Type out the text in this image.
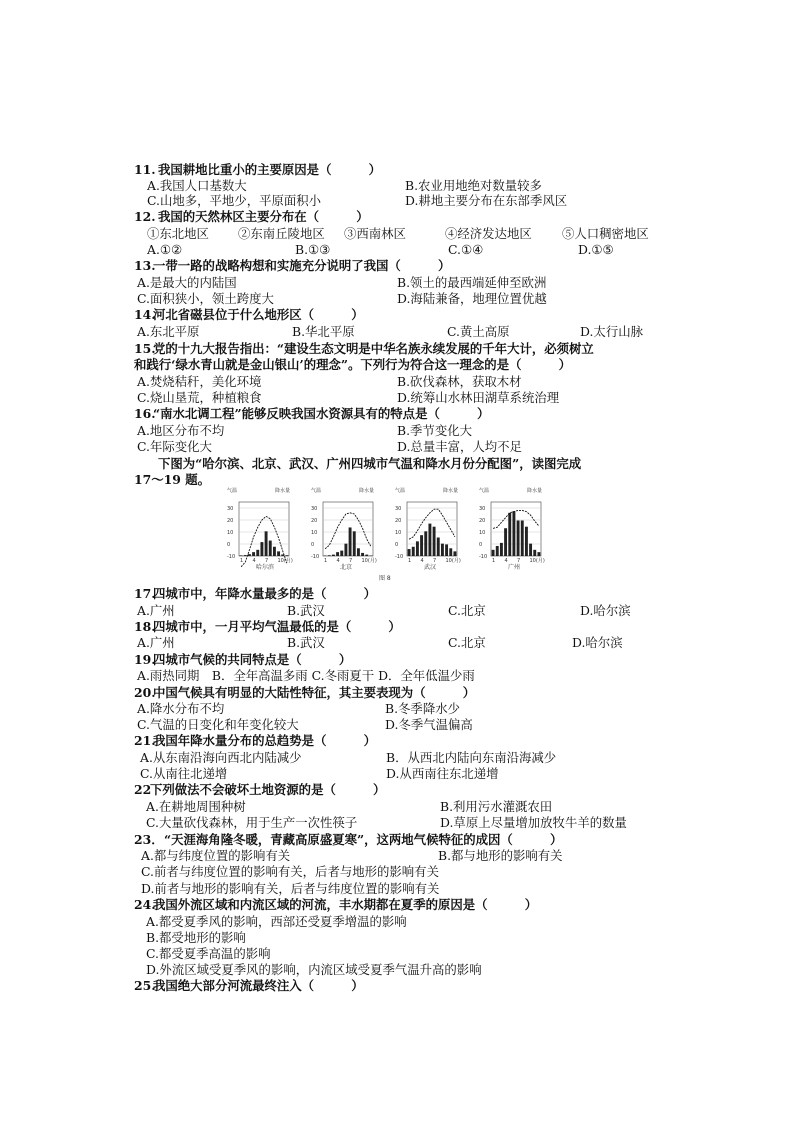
11. 我国耕地比重小的主要原因是（　　　）
A.我国人口基数大	B.农业用地绝对数量较多
C.山地多，平地少，平原面积小	D.耕地主要分布在东部季风区
12. 我国的天然林区主要分布在（　　　）
①东北地区 ②东南丘陵地区 ③西南林区	④经济发达地区 ⑤人口稠密地区
A.①②	B.①③	C.①④	D.①⑤
13.
一带一路的战略构想和实施充分说明了我国（　　　）
A.是最大的内陆国	B.领土的最西端延伸至欧洲
C.面积狭小，领土跨度大	D.海陆兼备，地理位置优越
14.
河北省磁县位于什么地形区（　　　）
A.东北平原	B.华北平原	C.黄土高原	D.太行山脉
15.
党的十九大报告指出：“建设生态文明是中华名族永续发展的千年大计，必须树立
和践行‘绿水青山就是金山银山’的理念”。下列行为符合这一理念的是（　　　）
A.焚烧秸秆，美化环境	B.砍伐森林，获取木材
C.烧山垦荒，种植粮食	D.统筹山水林田湖草系统治理
16.
“南水北调工程”能够反映我国水资源具有的特点是（　　　）
A.地区分布不均	B.季节变化大
C.年际变化大	D.总量丰富，人均不足
下图为“哈尔滨、北京、武汉、广州四城市气温和降水月份分配图”，读图完成
17～19 题。
气温	降水量
30
20
10
0
-10
1 4 7 10(月)
哈尔滨
气温	降水量
30
20
10
0
-10
1 4 7 10(月)
北京
气温	降水量
30
20
10
0
-10
1 4 7 10(月)
武汉
气温	降水量
30
20
10
0
-10
1 4 7 10(月)
广州
图 8
17.
四城市中，年降水量最多的是（　　　）
A.广州	B.武汉	C.北京	D.哈尔滨
18.
四城市中，一月平均气温最低的是（　　　）
A.广州	B.武汉	C.北京	D.哈尔滨
19.
四城市气候的共同特点是（　　　）
A.雨热同期　B．全年高温多雨 C.冬雨夏干 D．全年低温少雨
20.
中国气候具有明显的大陆性特征，其主要表现为（　　　）
A.降水分布不均	B.冬季降水少
C.气温的日变化和年变化较大	D.冬季气温偏高
21.
我国年降水量分布的总趋势是（　　　）
A.从东南沿海向西北内陆减少	B．从西北内陆向东南沿海减少
C.从南往北递增	D.从西南往东北递增
22
下列做法不会破坏土地资源的是（　　　）
A.在耕地周围种树	B.利用污水灌溉农田
C.大量砍伐森林，用于生产一次性筷子	D.草原上尽量增加放牧牛羊的数量
23． “天涯海角隆冬暖，青藏高原盛夏寒”，这两地气候特征的成因（　　　）
A.都与纬度位置的影响有关	B.都与地形的影响有关
C.前者与纬度位置的影响有关，后者与地形的影响有关
D.前者与地形的影响有关，后者与纬度位置的影响有关
24.
我国外流区域和内流区域的河流，丰水期都在夏季的原因是（　　　）
A.都受夏季风的影响，西部还受夏季增温的影响
B.都受地形的影响
C.都受夏季高温的影响
D.外流区域受夏季风的影响，内流区域受夏季气温升高的影响
25.
我国绝大部分河流最终注入（　　　）
